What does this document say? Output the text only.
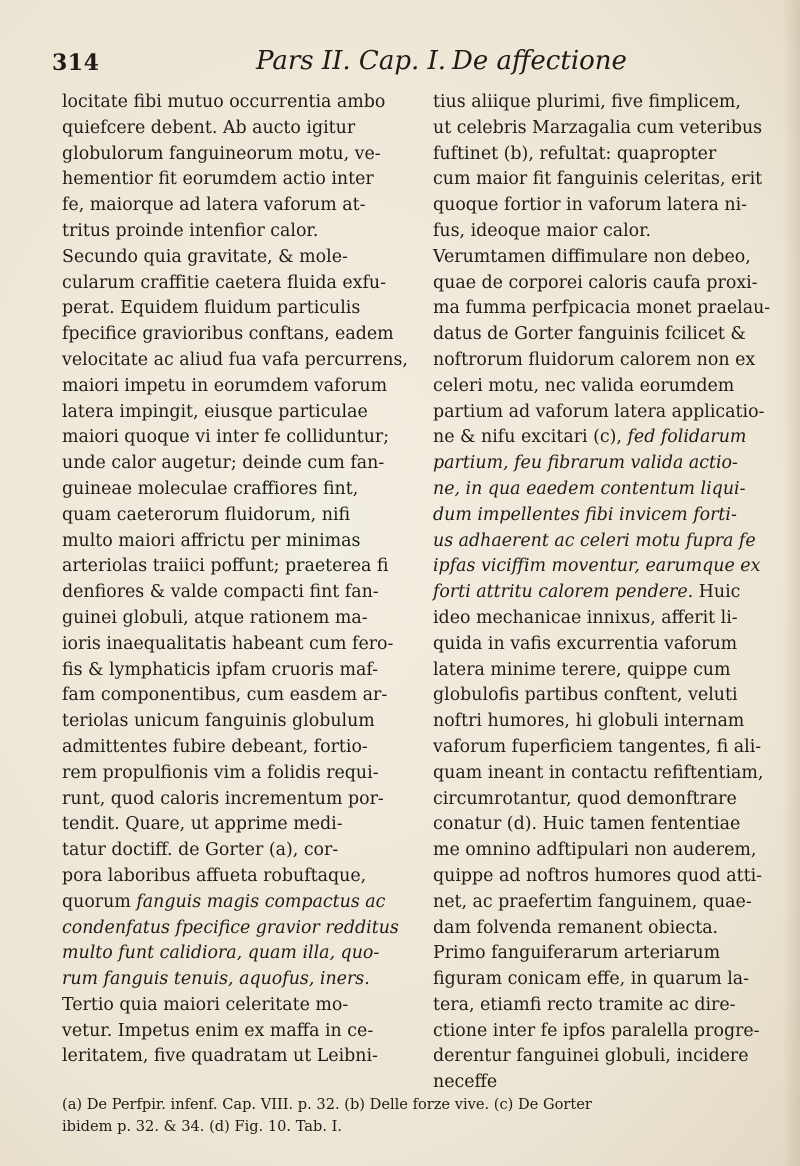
314	Pars II. Cap. I. De affectione
locitate fibi mutuo occurrentia ambo
quiefcere debent. Ab aucto igitur
globulorum fanguineorum motu, ve-
hementior fit eorumdem actio inter
fe, maiorque ad latera vaforum at-
tritus proinde intenfior calor.
Secundo quia gravitate, & mole-
cularum craffitie caetera fluida exfu-
perat. Equidem fluidum particulis
fpecifice gravioribus conftans, eadem
velocitate ac aliud fua vafa percurrens,
maiori impetu in eorumdem vaforum
latera impingit, eiusque particulae
maiori quoque vi inter fe colliduntur;
unde calor augetur; deinde cum fan-
guineae moleculae craffiores fint,
quam caeterorum fluidorum, nifi
multo maiori affrictu per minimas
arteriolas traiici poffunt; praeterea fi
denfiores & valde compacti fint fan-
guinei globuli, atque rationem ma-
ioris inaequalitatis habeant cum fero-
fis & lymphaticis ipfam cruoris maf-
fam componentibus, cum easdem ar-
teriolas unicum fanguinis globulum
admittentes fubire debeant, fortio-
rem propulfionis vim a folidis requi-
runt, quod caloris incrementum por-
tendit. Quare, ut apprime medi-
tatur doctiff. de Gorter (a), cor-
pora laboribus affueta robuftaque,
quorum fanguis magis compactus ac
condenfatus fpecifice gravior redditus
multo funt calidiora, quam illa, quo-
rum fanguis tenuis, aquofus, iners.
Tertio quia maiori celeritate mo-
vetur. Impetus enim ex maffa in ce-
leritatem, five quadratam ut Leibni-
tius aliique plurimi, five fimplicem,
ut celebris Marzagalia cum veteribus
fuftinet (b), refultat: quapropter
cum maior fit fanguinis celeritas, erit
quoque fortior in vaforum latera ni-
fus, ideoque maior calor.
Verumtamen diffimulare non debeo,
quae de corporei caloris caufa proxi-
ma fumma perfpicacia monet praelau-
datus de Gorter fanguinis fcilicet &
noftrorum fluidorum calorem non ex
celeri motu, nec valida eorumdem
partium ad vaforum latera applicatio-
ne & nifu excitari (c), fed folidarum
partium, feu fibrarum valida actio-
ne, in qua eaedem contentum liqui-
dum impellentes fibi invicem forti-
us adhaerent ac celeri motu fupra fe
ipfas viciffim moventur, earumque ex
forti attritu calorem pendere. Huic
ideo mechanicae innixus, afferit li-
quida in vafis excurrentia vaforum
latera minime terere, quippe cum
globulofis partibus conftent, veluti
noftri humores, hi globuli internam
vaforum fuperficiem tangentes, fi ali-
quam ineant in contactu refiftentiam,
circumrotantur, quod demonftrare
conatur (d). Huic tamen fententiae
me omnino adftipulari non auderem,
quippe ad noftros humores quod atti-
net, ac praefertim fanguinem, quae-
dam folvenda remanent obiecta.
Primo fanguiferarum arteriarum
figuram conicam effe, in quarum la-
tera, etiamfi recto tramite ac dire-
ctione inter fe ipfos paralella progre-
derentur fanguinei globuli, incidere
neceffe
(a) De Perfpir. infenf. Cap. VIII. p. 32. (b) Delle forze vive. (c) De Gorter
ibidem p. 32. & 34. (d) Fig. 10. Tab. I.
